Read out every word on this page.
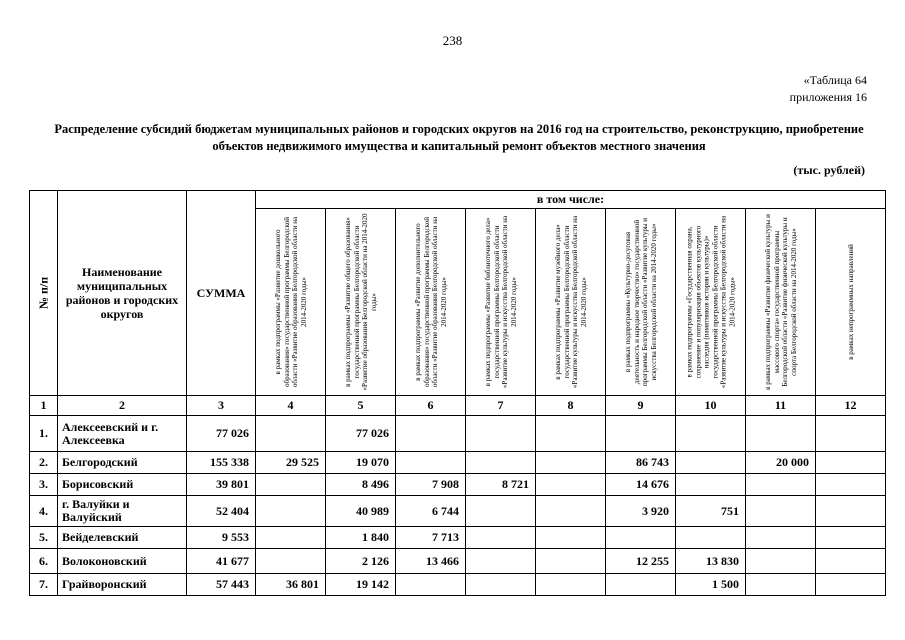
238
«Таблица 64
приложения 16
Распределение субсидий бюджетам муниципальных районов и городских округов на 2016 год на строительство, реконструкцию, приобретение объектов недвижимого имущества и капитальный ремонт объектов местного значения
(тыс. рублей)
№ п/п	Наименование муниципальных районов и городских округов	СУММА	в том числе:								

			в рамках подпрограммы «Развитие дошкольного образования» государственной программы Белгородской области «Развитие образования Белгородской области на 2014-2020 годы»	в рамках подпрограммы «Развитие общего образования» государственной программы Белгородской области «Развитие образования Белгородской области на 2014-2020 годы»	в рамках подпрограммы «Развитие дополнительного образования» государственной программы Белгородской области «Развитие образования Белгородской области на 2014-2020 годы»	в рамках подпрограммы «Развитие библиотечного дела» государственной программы Белгородской области «Развитие культуры и искусства Белгородской области на 2014-2020 годы»	в рамках подпрограммы «Развитие музейного дела» государственной программы Белгородской области «Развитие культуры и искусства Белгородской области на 2014-2020 годы»	в рамках подпрограммы «Культурно-досуговая деятельность и народное творчество» государственной программы Белгородской области «Развитие культуры и искусства Белгородской области на 2014-2020 годы»	в рамках подпрограммы «Государственная охрана, сохранение и популяризация объектов культурного наследия (памятников истории и культуры)» государственной программы Белгородской области «Развитие культуры и искусства Белгородской области на 2014-2020 годы»	в рамках подпрограммы «Развитие физической культуры и массового спорта» государственной программы Белгородской области «Развитие физической культуры и спорта Белгородской области на 2014-2020 годы»	в рамках непрограммных направлений

1	2	3	4	5	6	7	8	9	10	11	12
1.	Алексеевский и г. Алексеевка	77 026		77 026							
2.	Белгородский	155 338	29 525	19 070				86 743		20 000	
3.	Борисовский	39 801		8 496	7 908	8 721		14 676			
4.	г. Валуйки и Валуйский	52 404		40 989	6 744			3 920	751		
5.	Вейделевский	9 553		1 840	7 713						
6.	Волоконовский	41 677		2 126	13 466			12 255	13 830		
7.	Грайворонский	57 443	36 801	19 142					1 500		
